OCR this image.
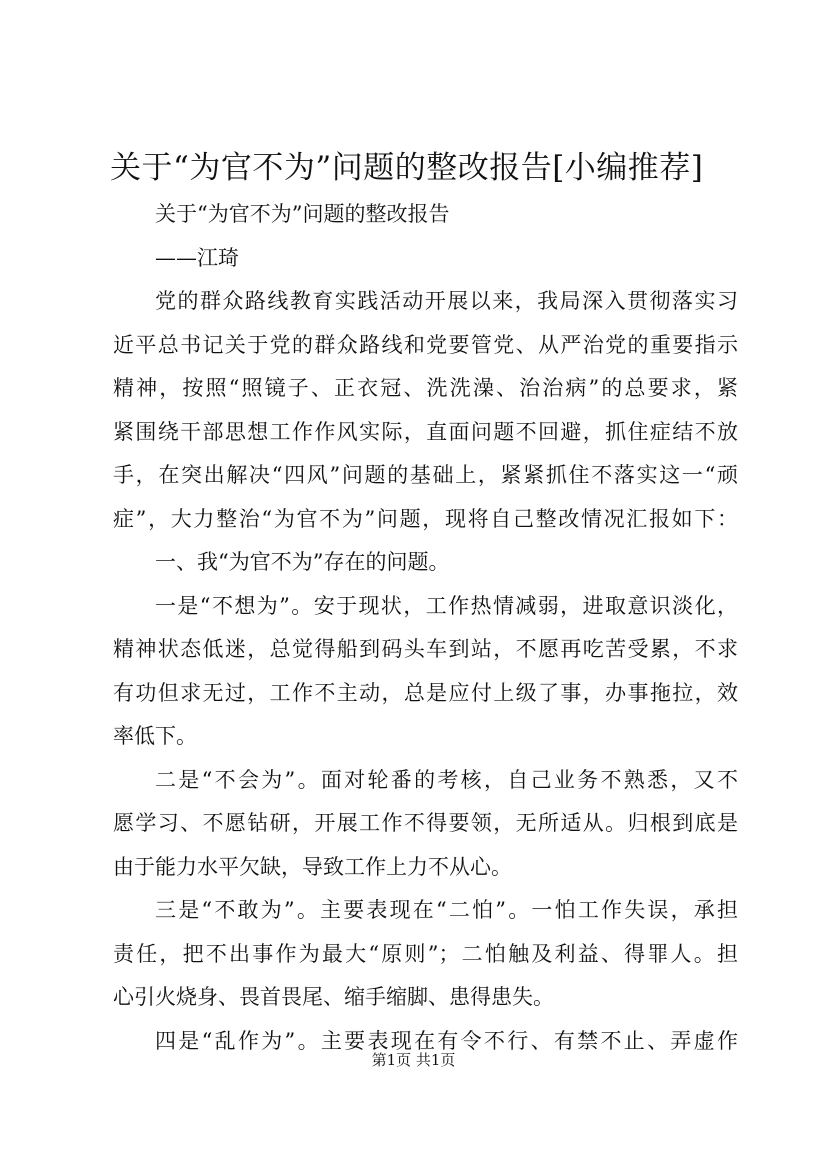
关于“为官不为”问题的整改报告[小编推荐]
关于“为官不为”问题的整改报告
——江琦
党的群众路线教育实践活动开展以来，我局深入贯彻落实习
近平总书记关于党的群众路线和党要管党、从严治党的重要指示
精神，按照“照镜子、正衣冠、洗洗澡、治治病”的总要求，紧
紧围绕干部思想工作作风实际，直面问题不回避，抓住症结不放
手，在突出解决“四风”问题的基础上，紧紧抓住不落实这一“顽
症”，大力整治“为官不为”问题，现将自己整改情况汇报如下：
一、我“为官不为”存在的问题。
一是“不想为”。安于现状，工作热情减弱，进取意识淡化，
精神状态低迷，总觉得船到码头车到站，不愿再吃苦受累，不求
有功但求无过，工作不主动，总是应付上级了事，办事拖拉，效
率低下。
二是“不会为”。面对轮番的考核，自己业务不熟悉，又不
愿学习、不愿钻研，开展工作不得要领，无所适从。归根到底是
由于能力水平欠缺，导致工作上力不从心。
三是“不敢为”。主要表现在“二怕”。一怕工作失误，承担
责任，把不出事作为最大“原则”；二怕触及利益、得罪人。担
心引火烧身、畏首畏尾、缩手缩脚、患得患失。
四是“乱作为”。主要表现在有令不行、有禁不止、弄虚作
第1页 共1页
